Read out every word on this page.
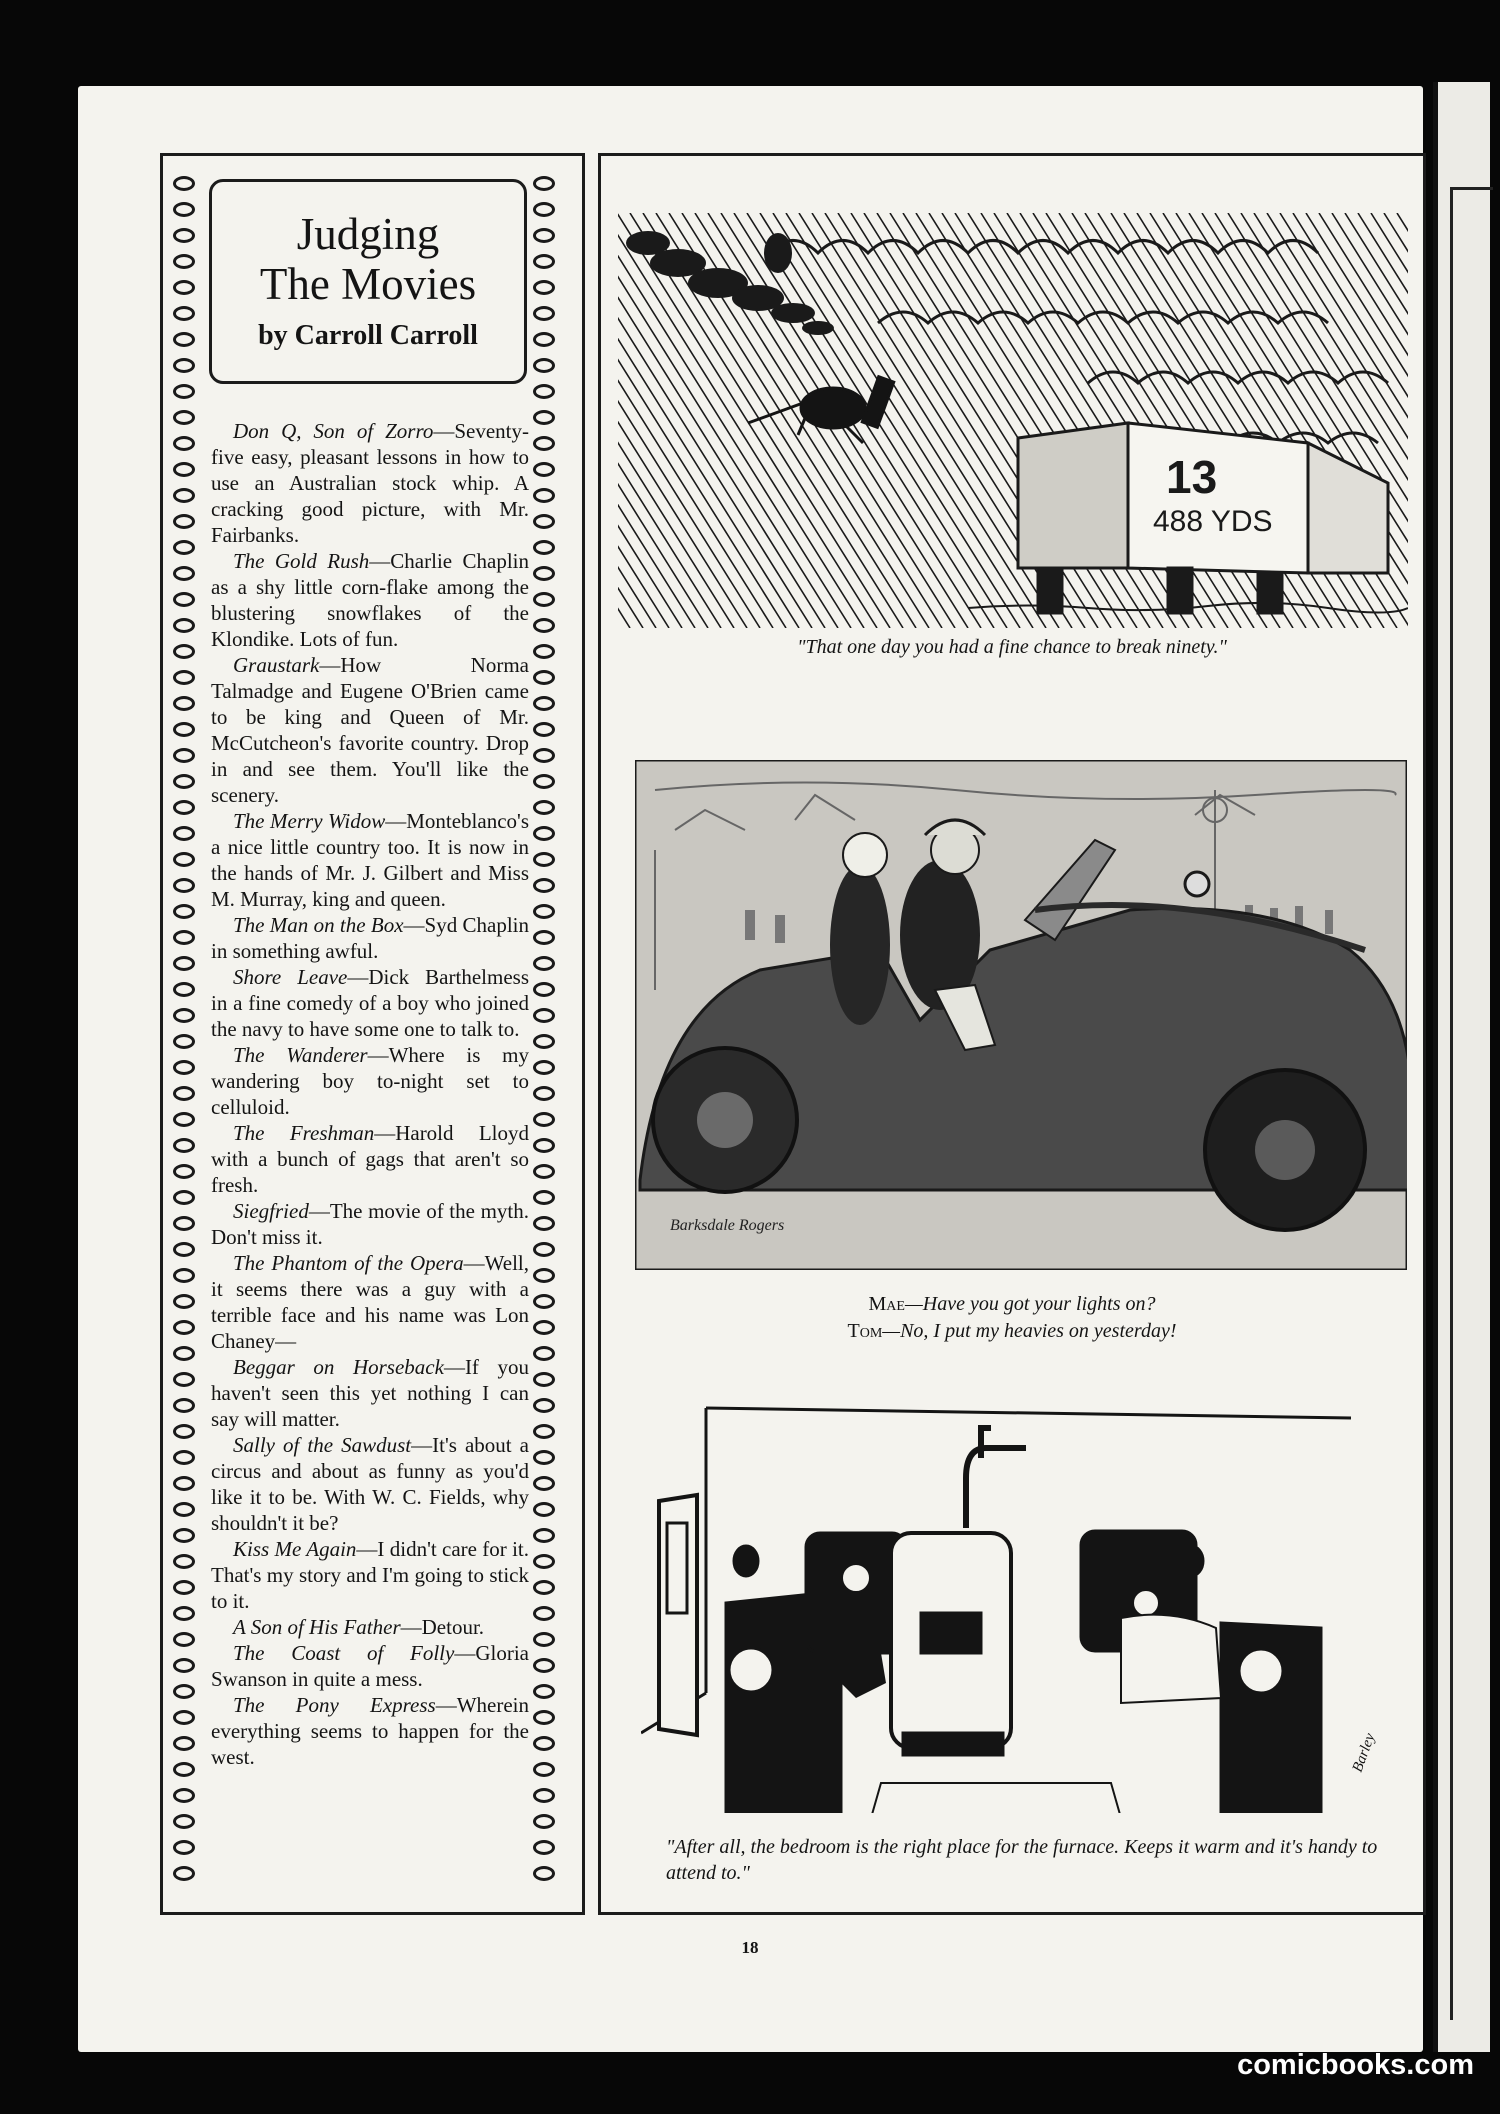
Judging
The Movies
by Carroll Carroll

Don Q, Son of Zorro—Seventy-five easy, pleasant lessons in how to use an Australian stock whip. A cracking good picture, with Mr. Fairbanks.

The Gold Rush—Charlie Chaplin as a shy little corn-flake among the blustering snowflakes of the Klondike. Lots of fun.

Graustark—How Norma Talmadge and Eugene O'Brien came to be king and Queen of Mr. McCutcheon's favorite country. Drop in and see them. You'll like the scenery.

The Merry Widow—Monteblanco's a nice little country too. It is now in the hands of Mr. J. Gilbert and Miss M. Murray, king and queen.

The Man on the Box—Syd Chaplin in something awful.

Shore Leave—Dick Barthelmess in a fine comedy of a boy who joined the navy to have some one to talk to.

The Wanderer—Where is my wandering boy to-night set to celluloid.

The Freshman—Harold Lloyd with a bunch of gags that aren't so fresh.

Siegfried—The movie of the myth. Don't miss it.

The Phantom of the Opera—Well, it seems there was a guy with a terrible face and his name was Lon Chaney—

Beggar on Horseback—If you haven't seen this yet nothing I can say will matter.

Sally of the Sawdust—It's about a circus and about as funny as you'd like it to be. With W. C. Fields, why shouldn't it be?

Kiss Me Again—I didn't care for it. That's my story and I'm going to stick to it.

A Son of His Father—Detour.

The Coast of Folly—Gloria Swanson in quite a mess.

The Pony Express—Wherein everything seems to happen for the west.

13
488 YDS
"That one day you had a fine chance to break ninety."
Barksdale Rogers
Mae—Have you got your lights on?
Tom—No, I put my heavies on yesterday!
Barley
"After all, the bedroom is the right place for the furnace. Keeps it warm and it's handy to attend to."
18
comicbooks.com
